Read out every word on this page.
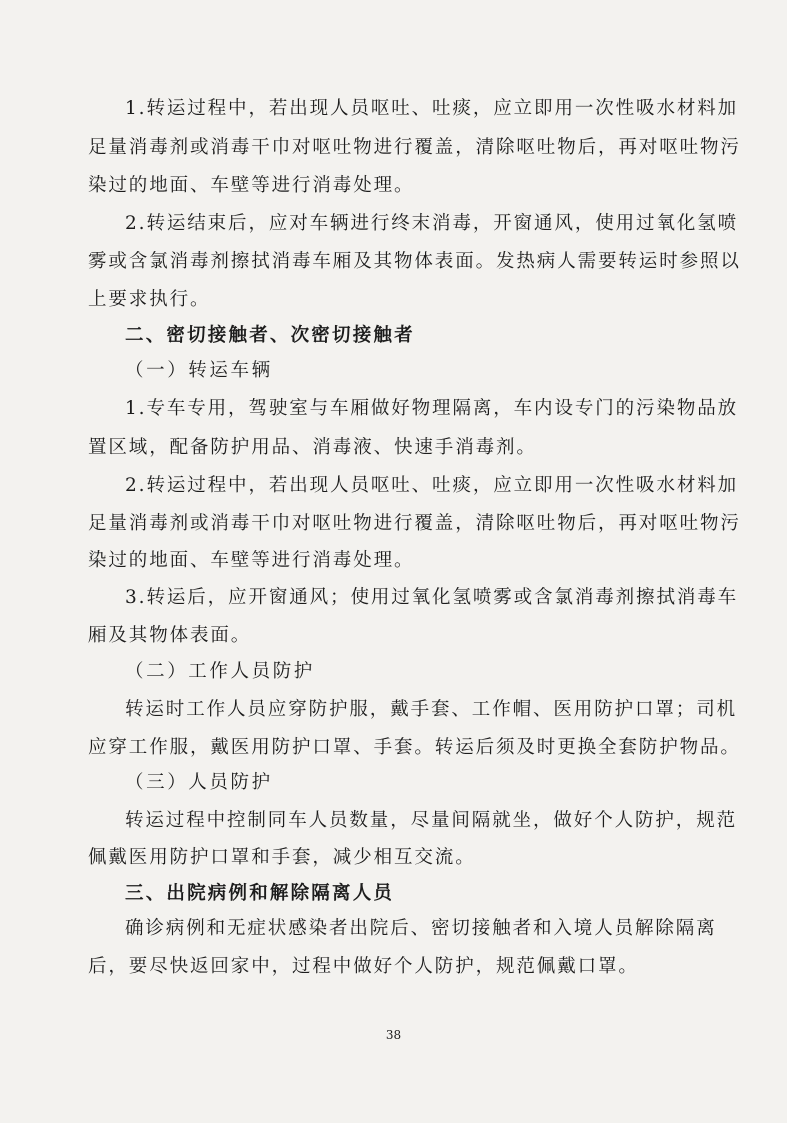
1.转运过程中，若出现人员呕吐、吐痰，应立即用一次性吸水材料加
足量消毒剂或消毒干巾对呕吐物进行覆盖，清除呕吐物后，再对呕吐物污
染过的地面、车壁等进行消毒处理。
2.转运结束后，应对车辆进行终末消毒，开窗通风，使用过氧化氢喷
雾或含氯消毒剂擦拭消毒车厢及其物体表面。发热病人需要转运时参照以
上要求执行。
二、密切接触者、次密切接触者
（一）转运车辆
1.专车专用，驾驶室与车厢做好物理隔离，车内设专门的污染物品放
置区域，配备防护用品、消毒液、快速手消毒剂。
2.转运过程中，若出现人员呕吐、吐痰，应立即用一次性吸水材料加
足量消毒剂或消毒干巾对呕吐物进行覆盖，清除呕吐物后，再对呕吐物污
染过的地面、车壁等进行消毒处理。
3.转运后，应开窗通风；使用过氧化氢喷雾或含氯消毒剂擦拭消毒车
厢及其物体表面。
（二）工作人员防护
转运时工作人员应穿防护服，戴手套、工作帽、医用防护口罩；司机
应穿工作服，戴医用防护口罩、手套。转运后须及时更换全套防护物品。
（三）人员防护
转运过程中控制同车人员数量，尽量间隔就坐，做好个人防护，规范
佩戴医用防护口罩和手套，减少相互交流。
三、出院病例和解除隔离人员
确诊病例和无症状感染者出院后、密切接触者和入境人员解除隔离
后，要尽快返回家中，过程中做好个人防护，规范佩戴口罩。
38
